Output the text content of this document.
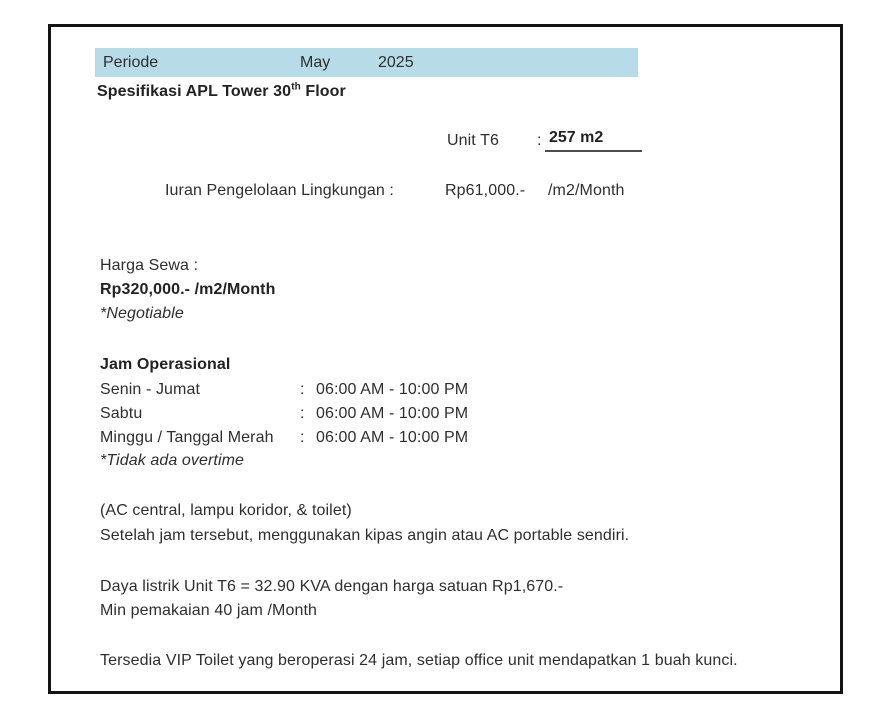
Periode	May	2025
Spesifikasi APL Tower 30th Floor
Unit T6 : 257 m2
Iuran Pengelolaan Lingkungan :	Rp61,000.- /m2/Month
Harga Sewa :
Rp320,000.- /m2/Month
*Negotiable
Jam Operasional
Senin - Jumat	: 06:00 AM - 10:00 PM
Sabtu	: 06:00 AM - 10:00 PM
Minggu / Tanggal Merah : 06:00 AM - 10:00 PM
*Tidak ada overtime
(AC central, lampu koridor, & toilet)
Setelah jam tersebut, menggunakan kipas angin atau AC portable sendiri.
Daya listrik Unit T6 = 32.90 KVA dengan harga satuan Rp1,670.-
Min pemakaian 40 jam /Month
Tersedia VIP Toilet yang beroperasi 24 jam, setiap office unit mendapatkan 1 buah kunci.
